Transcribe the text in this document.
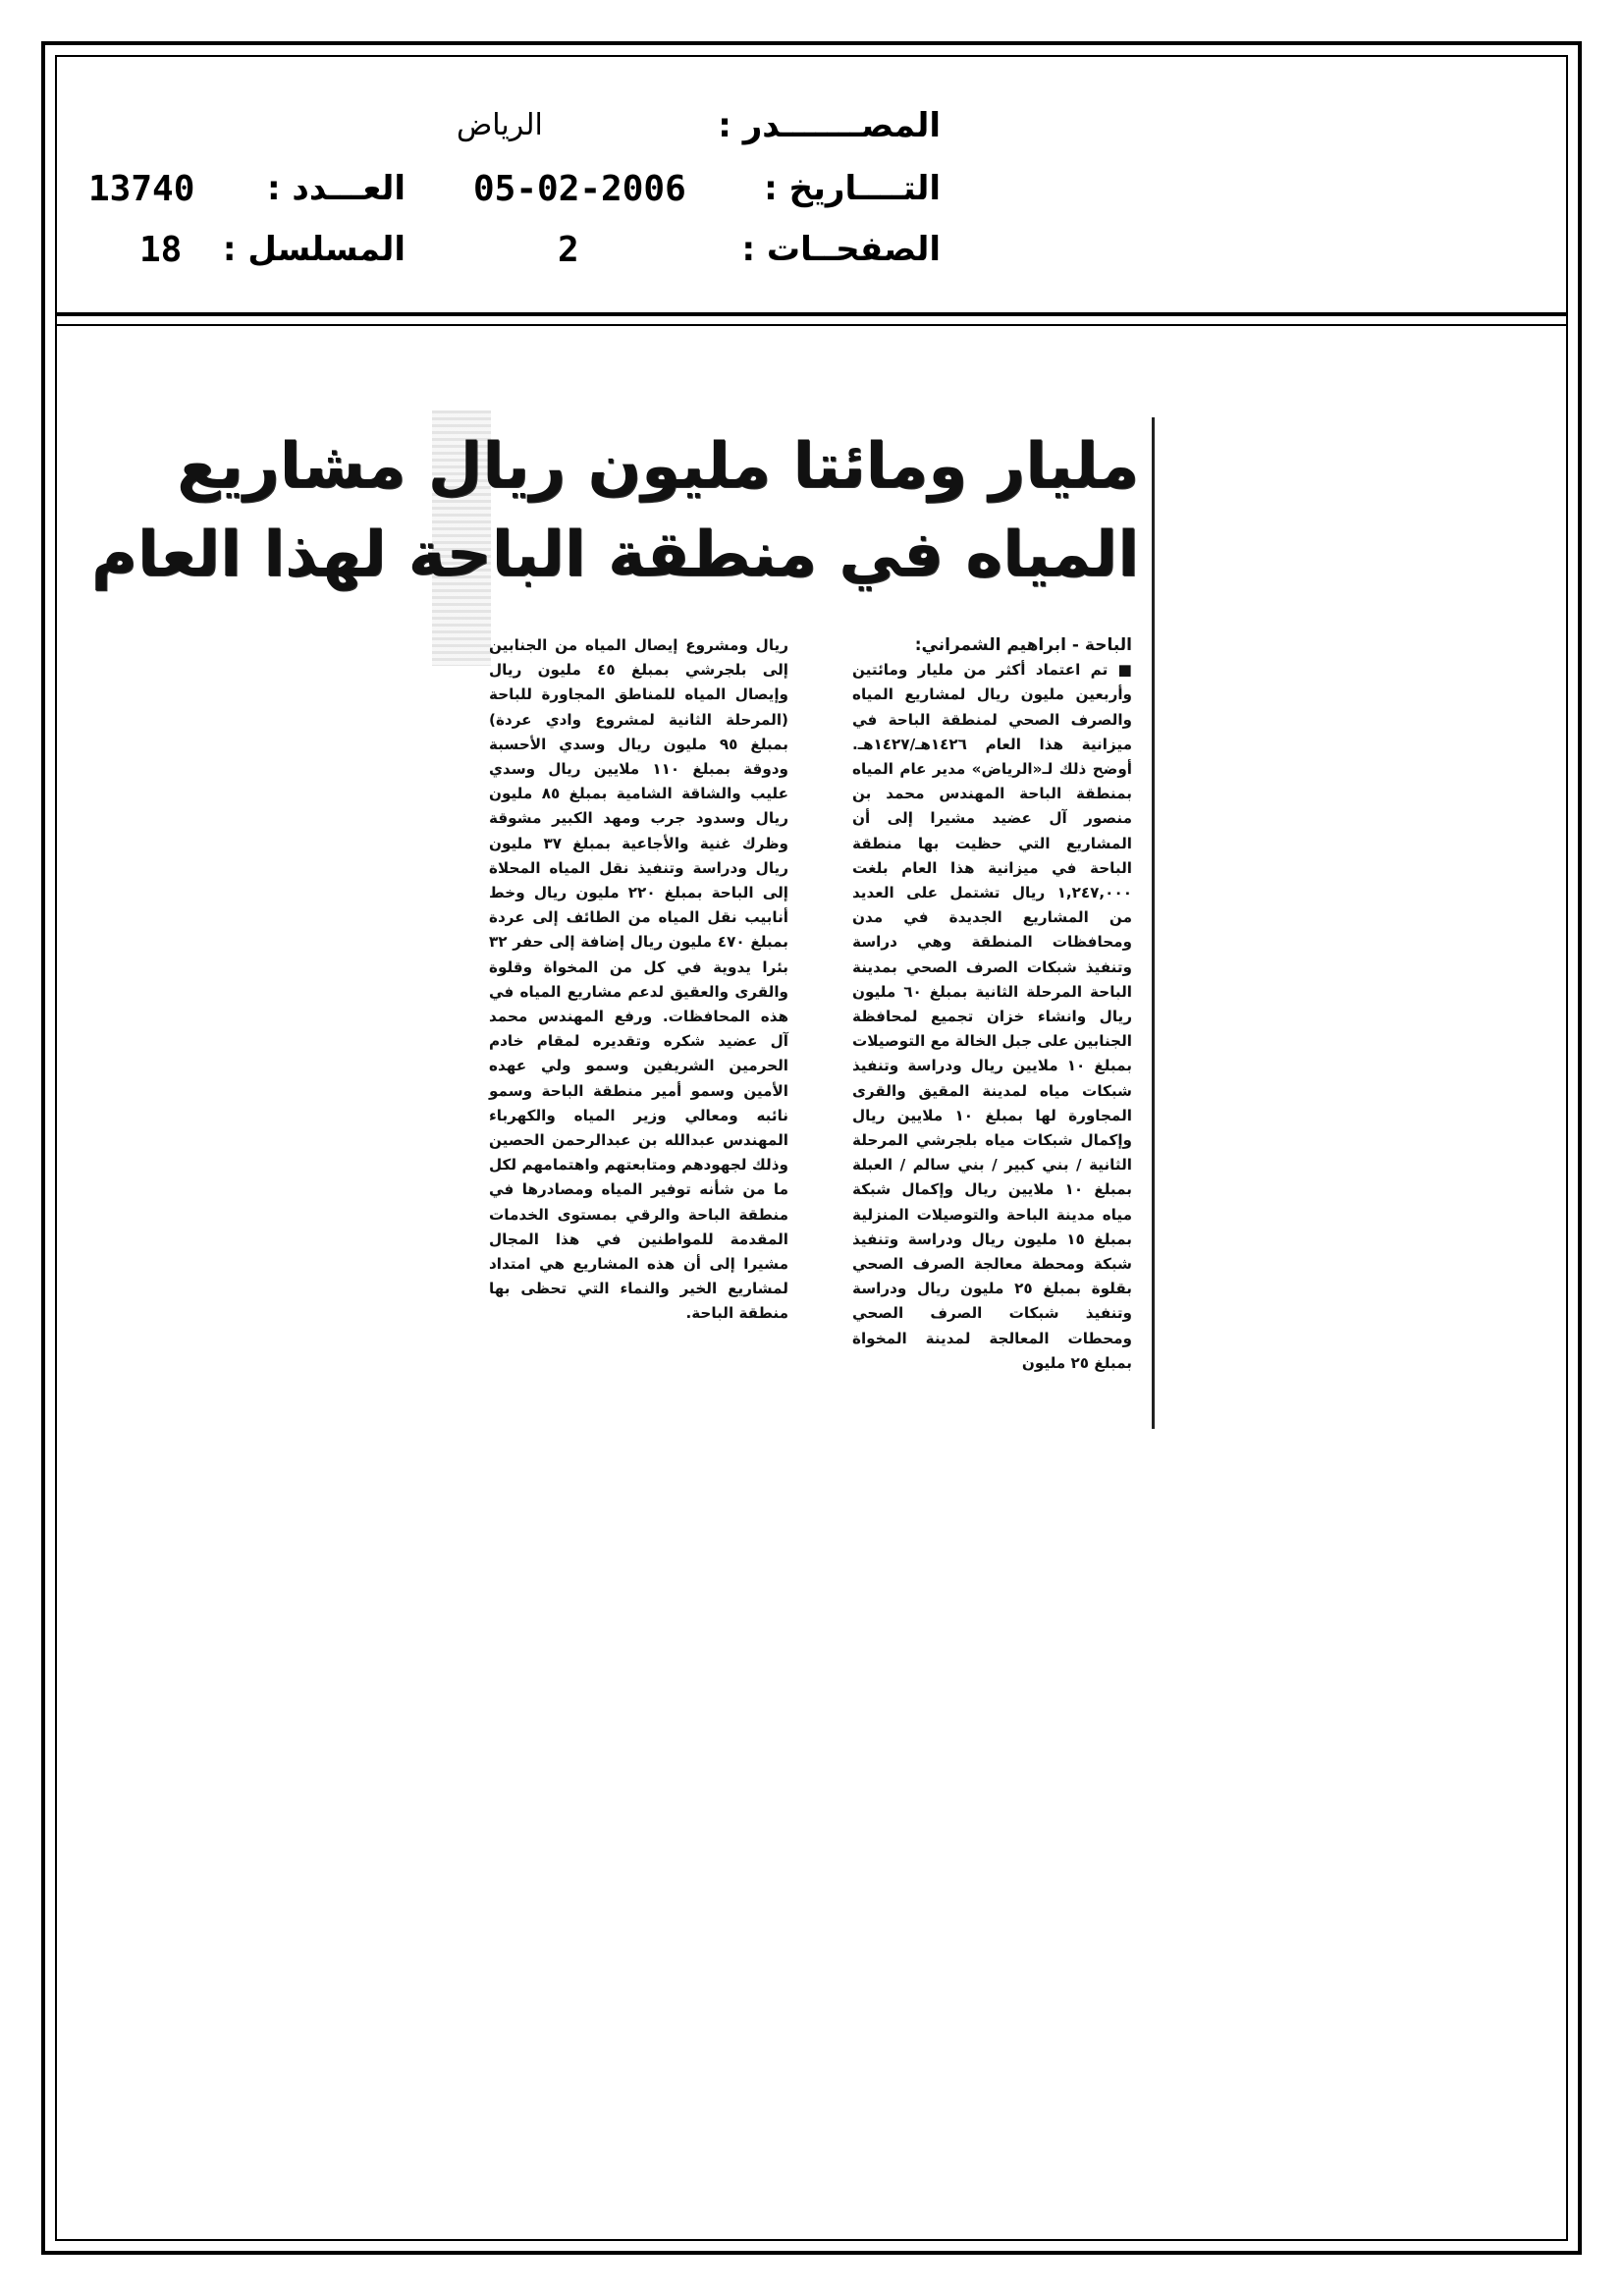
المصـــــــدر :
الرياض
التــــاريخ :
05-02-2006
العـــدد :
13740
الصفحــات :
2
المسلسل :
18
مليار ومائتا مليون ريال مشاريع
المياه في منطقة الباحة لهذا العام

الباحة - ابراهيم الشمراني:

■ تم اعتماد أكثر من مليار ومائتين وأربعين مليون ريال لمشاريع المياه والصرف الصحي لمنطقة الباحة في ميزانية هذا العام ١٤٢٦هـ/١٤٢٧هـ. أوضح ذلك لـ«الرياض» مدير عام المياه بمنطقة الباحة المهندس محمد بن منصور آل عضيد مشيرا إلى أن المشاريع التي حظيت بها منطقة الباحة في ميزانية هذا العام بلغت ١,٢٤٧,٠٠٠ ريال تشتمل على العديد من المشاريع الجديدة في مدن ومحافظات المنطقة وهي دراسة وتنفيذ شبكات الصرف الصحي بمدينة الباحة المرحلة الثانية بمبلغ ٦٠ مليون ريال وانشاء خزان تجميع لمحافظة الجنابين على جبل الخالة مع التوصيلات بمبلغ ١٠ ملايين ريال ودراسة وتنفيذ شبكات مياه لمدينة المقيق والقرى المجاورة لها بمبلغ ١٠ ملايين ريال وإكمال شبكات مياه بلجرشي المرحلة الثانية / بني كبير / بني سالم / العبلة بمبلغ ١٠ ملايين ريال وإكمال شبكة مياه مدينة الباحة والتوصيلات المنزلية بمبلغ ١٥ مليون ريال ودراسة وتنفيذ شبكة ومحطة معالجة الصرف الصحي بقلوة بمبلغ ٢٥ مليون ريال ودراسة وتنفيذ شبكات الصرف الصحي ومحطات المعالجة لمدينة المخواة بمبلغ ٢٥ مليون

ريال ومشروع إيصال المياه من الجنابين إلى بلجرشي بمبلغ ٤٥ مليون ريال وإيصال المياه للمناطق المجاورة للباحة (المرحلة الثانية لمشروع وادي عردة) بمبلغ ٩٥ مليون ريال وسدي الأحسبة ودوقة بمبلغ ١١٠ ملايين ريال وسدي عليب والشاقة الشامية بمبلغ ٨٥ مليون ريال وسدود جرب ومهد الكبير مشوقة وظرك غنية والأجاعية بمبلغ ٣٧ مليون ريال ودراسة وتنفيذ نقل المياه المحلاة إلى الباحة بمبلغ ٢٢٠ مليون ريال وخط أنابيب نقل المياه من الطائف إلى عردة بمبلغ ٤٧٠ مليون ريال إضافة إلى حفر ٣٢ بئرا يدوية في كل من المخواة وقلوة والقرى والعقيق لدعم مشاريع المياه في هذه المحافظات. ورفع المهندس محمد آل عضيد شكره وتقديره لمقام خادم الحرمين الشريفين وسمو ولي عهده الأمين وسمو أمير منطقة الباحة وسمو نائبه ومعالي وزير المياه والكهرباء المهندس عبدالله بن عبدالرحمن الحصين وذلك لجهودهم ومتابعتهم واهتمامهم لكل ما من شأنه توفير المياه ومصادرها في منطقة الباحة والرقي بمستوى الخدمات المقدمة للمواطنين في هذا المجال مشيرا إلى أن هذه المشاريع هي امتداد لمشاريع الخير والنماء التي تحظى بها منطقة الباحة.
